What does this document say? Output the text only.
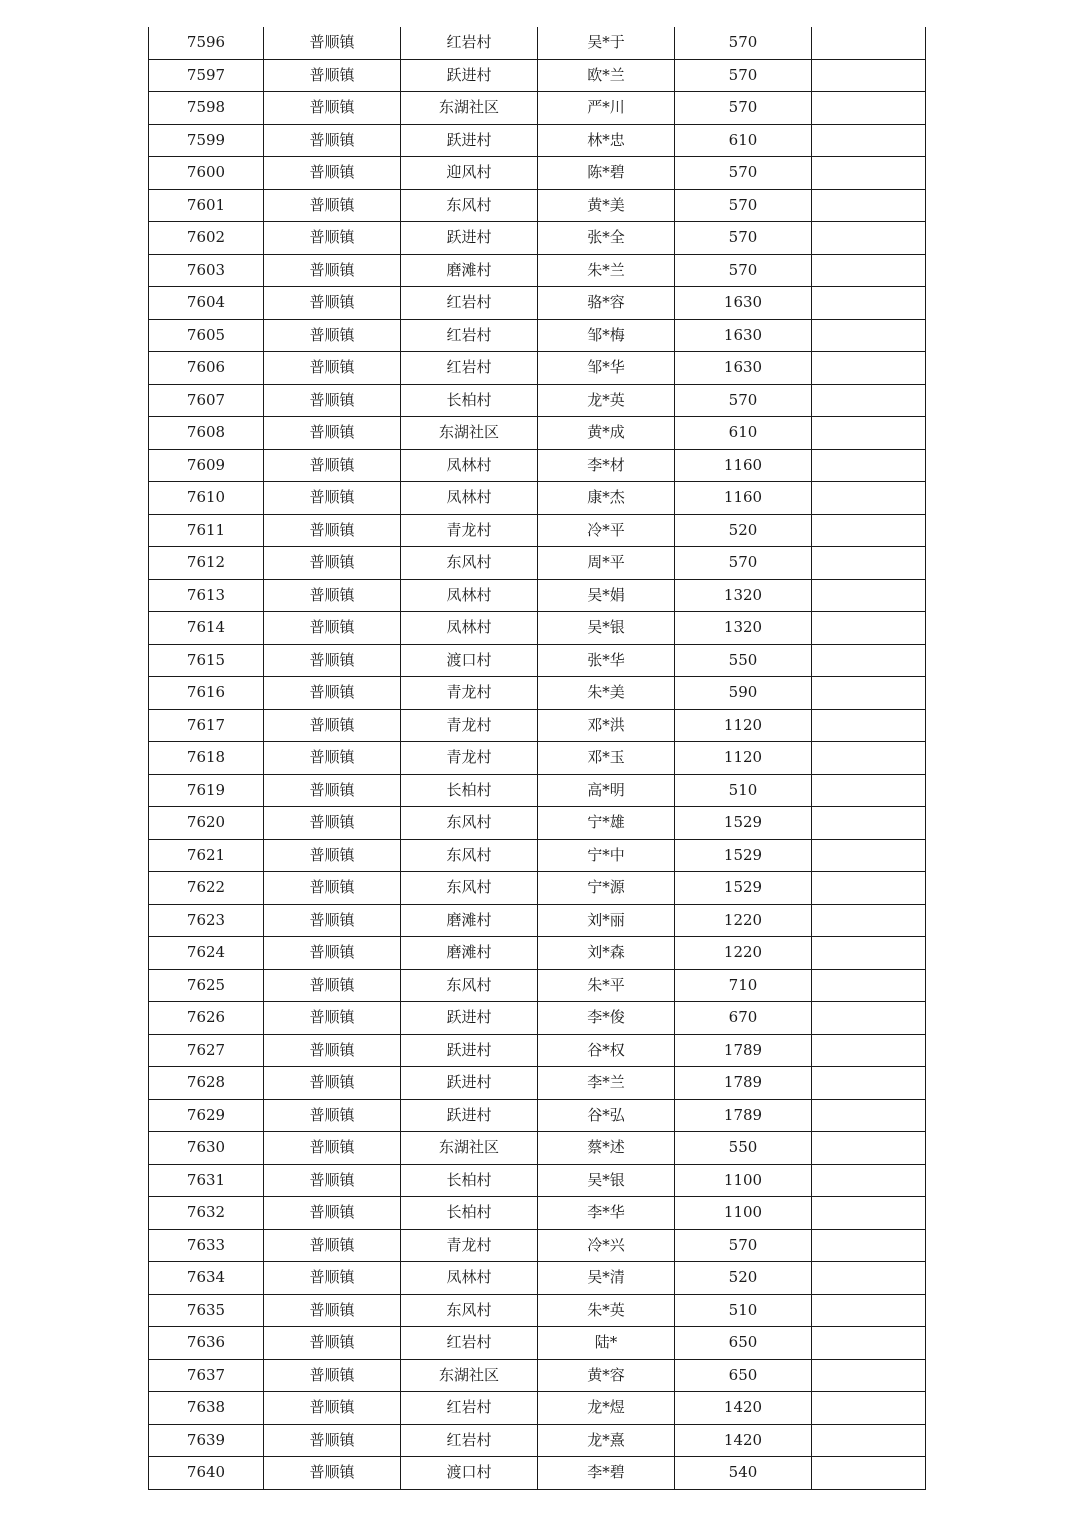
7596	普顺镇	红岩村	吴*于	570	
7597	普顺镇	跃进村	欧*兰	570	
7598	普顺镇	东湖社区	严*川	570	
7599	普顺镇	跃进村	林*忠	610	
7600	普顺镇	迎风村	陈*碧	570	
7601	普顺镇	东风村	黄*美	570	
7602	普顺镇	跃进村	张*全	570	
7603	普顺镇	磨滩村	朱*兰	570	
7604	普顺镇	红岩村	骆*容	1630	
7605	普顺镇	红岩村	邹*梅	1630	
7606	普顺镇	红岩村	邹*华	1630	
7607	普顺镇	长柏村	龙*英	570	
7608	普顺镇	东湖社区	黄*成	610	
7609	普顺镇	凤林村	李*材	1160	
7610	普顺镇	凤林村	康*杰	1160	
7611	普顺镇	青龙村	冷*平	520	
7612	普顺镇	东风村	周*平	570	
7613	普顺镇	凤林村	吴*娟	1320	
7614	普顺镇	凤林村	吴*银	1320	
7615	普顺镇	渡口村	张*华	550	
7616	普顺镇	青龙村	朱*美	590	
7617	普顺镇	青龙村	邓*洪	1120	
7618	普顺镇	青龙村	邓*玉	1120	
7619	普顺镇	长柏村	高*明	510	
7620	普顺镇	东风村	宁*雄	1529	
7621	普顺镇	东风村	宁*中	1529	
7622	普顺镇	东风村	宁*源	1529	
7623	普顺镇	磨滩村	刘*丽	1220	
7624	普顺镇	磨滩村	刘*森	1220	
7625	普顺镇	东风村	朱*平	710	
7626	普顺镇	跃进村	李*俊	670	
7627	普顺镇	跃进村	谷*权	1789	
7628	普顺镇	跃进村	李*兰	1789	
7629	普顺镇	跃进村	谷*弘	1789	
7630	普顺镇	东湖社区	蔡*述	550	
7631	普顺镇	长柏村	吴*银	1100	
7632	普顺镇	长柏村	李*华	1100	
7633	普顺镇	青龙村	冷*兴	570	
7634	普顺镇	凤林村	吴*清	520	
7635	普顺镇	东风村	朱*英	510	
7636	普顺镇	红岩村	陆*	650	
7637	普顺镇	东湖社区	黄*容	650	
7638	普顺镇	红岩村	龙*煜	1420	
7639	普顺镇	红岩村	龙*熹	1420	
7640	普顺镇	渡口村	李*碧	540	
